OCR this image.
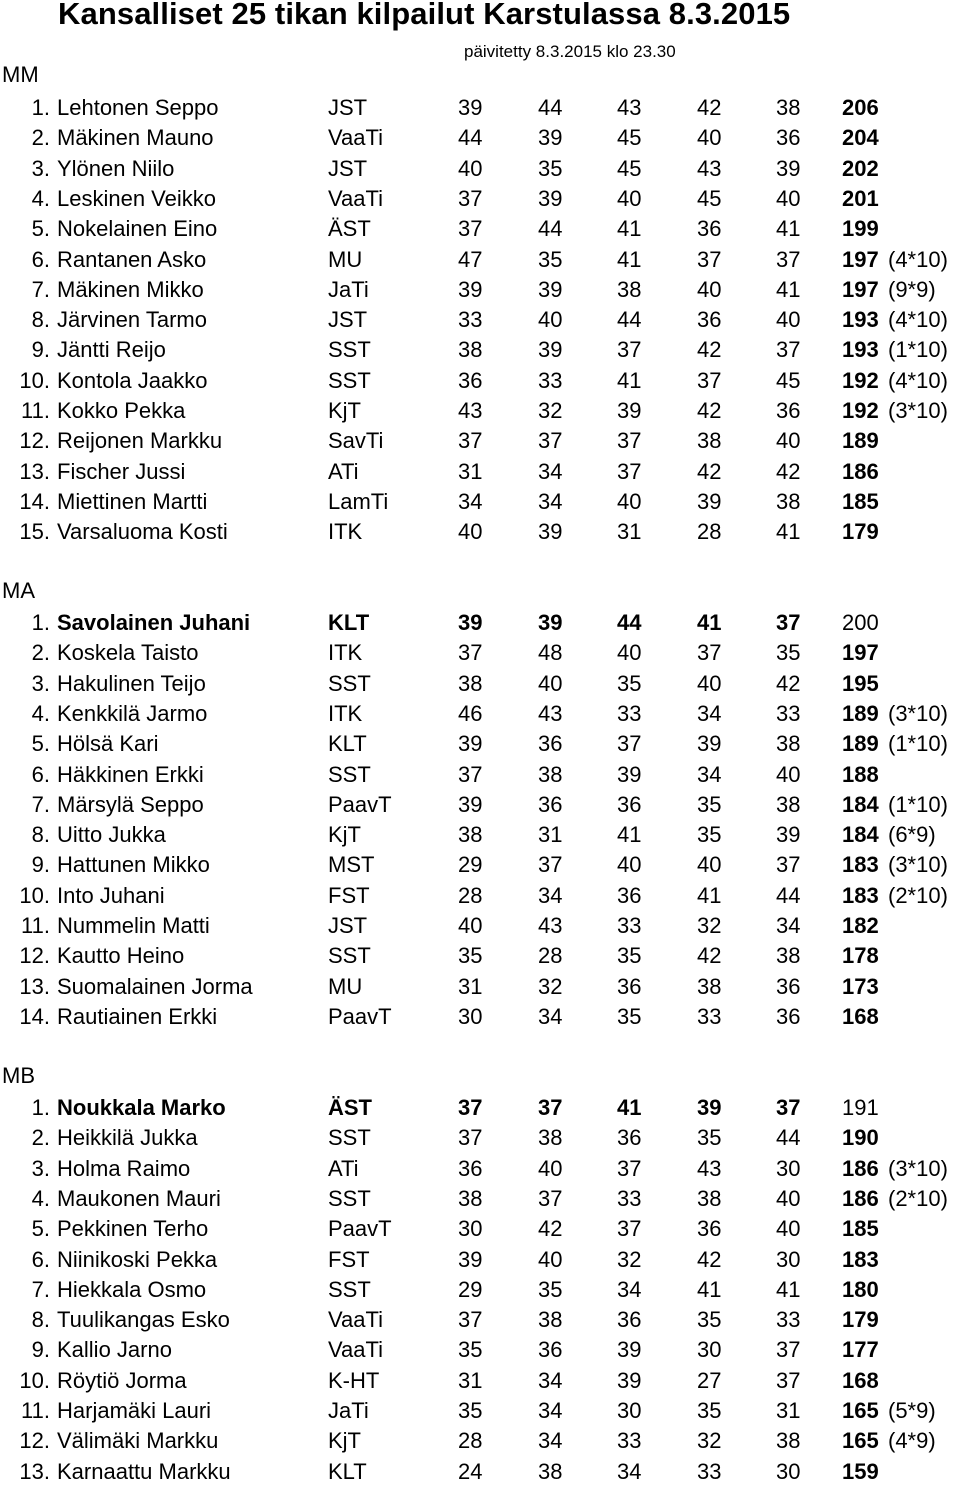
Kansalliset 25 tikan kilpailut Karstulassa 8.3.2015
päivitetty 8.3.2015 klo 23.30
MM
1. Lehtonen Seppo	JST	39	44 43	42 38 206
2. Mäkinen Mauno	VaaTi	44	39 45	40 36 204
3. Ylönen Niilo	JST	40	35 45	43 39 202
4. Leskinen Veikko	VaaTi	37	39 40	45 40 201
5. Nokelainen Eino	ÄST	37	44 41	36 41 199
6. Rantanen Asko	MU	47	35 41	37 37 197 (4*10)
7. Mäkinen Mikko	JaTi	39	39 38	40 41 197 (9*9)
8. Järvinen Tarmo	JST	33	40 44	36 40 193 (4*10)
9. Jäntti Reijo	SST	38	39 37	42 37 193 (1*10)
10. Kontola Jaakko	SST	36	33 41	37 45 192 (4*10)
11. Kokko Pekka	KjT	43	32 39	42 36 192 (3*10)
12. Reijonen Markku	SavTi	37	37 37	38 40 189
13. Fischer Jussi	ATi	31	34 37	42 42 186
14. Miettinen Martti	LamTi	34	34 40	39 38 185
15. Varsaluoma Kosti	ITK	40	39 31	28 41 179
MA
1. Savolainen Juhani	KLT	39	39 44	41 37 200
2. Koskela Taisto	ITK	37	48 40	37 35 197
3. Hakulinen Teijo	SST	38	40 35	40 42 195
4. Kenkkilä Jarmo	ITK	46	43 33	34 33 189 (3*10)
5. Hölsä Kari	KLT	39	36 37	39 38 189 (1*10)
6. Häkkinen Erkki	SST	37	38 39	34 40 188
7. Märsylä Seppo	PaavT	39	36 36	35 38 184 (1*10)
8. Uitto Jukka	KjT	38	31 41	35 39 184 (6*9)
9. Hattunen Mikko	MST	29	37 40	40 37 183 (3*10)
10. Into Juhani	FST	28	34 36	41 44 183 (2*10)
11. Nummelin Matti	JST	40	43 33	32 34 182
12. Kautto Heino	SST	35	28 35	42 38 178
13. Suomalainen Jorma	MU	31	32 36	38 36 173
14. Rautiainen Erkki	PaavT	30	34 35	33 36 168
MB
1. Noukkala Marko	ÄST	37	37 41	39 37 191
2. Heikkilä Jukka	SST	37	38 36	35 44 190
3. Holma Raimo	ATi	36	40 37	43 30 186 (3*10)
4. Maukonen Mauri	SST	38	37 33	38 40 186 (2*10)
5. Pekkinen Terho	PaavT	30	42 37	36 40 185
6. Niinikoski Pekka	FST	39	40 32	42 30 183
7. Hiekkala Osmo	SST	29	35 34	41 41 180
8. Tuulikangas Esko	VaaTi	37	38 36	35 33 179
9. Kallio Jarno	VaaTi	35	36 39	30 37 177
10. Röytiö Jorma	K-HT	31	34 39	27 37 168
11. Harjamäki Lauri	JaTi	35	34 30	35 31 165 (5*9)
12. Välimäki Markku	KjT	28	34 33	32 38 165 (4*9)
13. Karnaattu Markku	KLT	24	38 34	33 30 159
